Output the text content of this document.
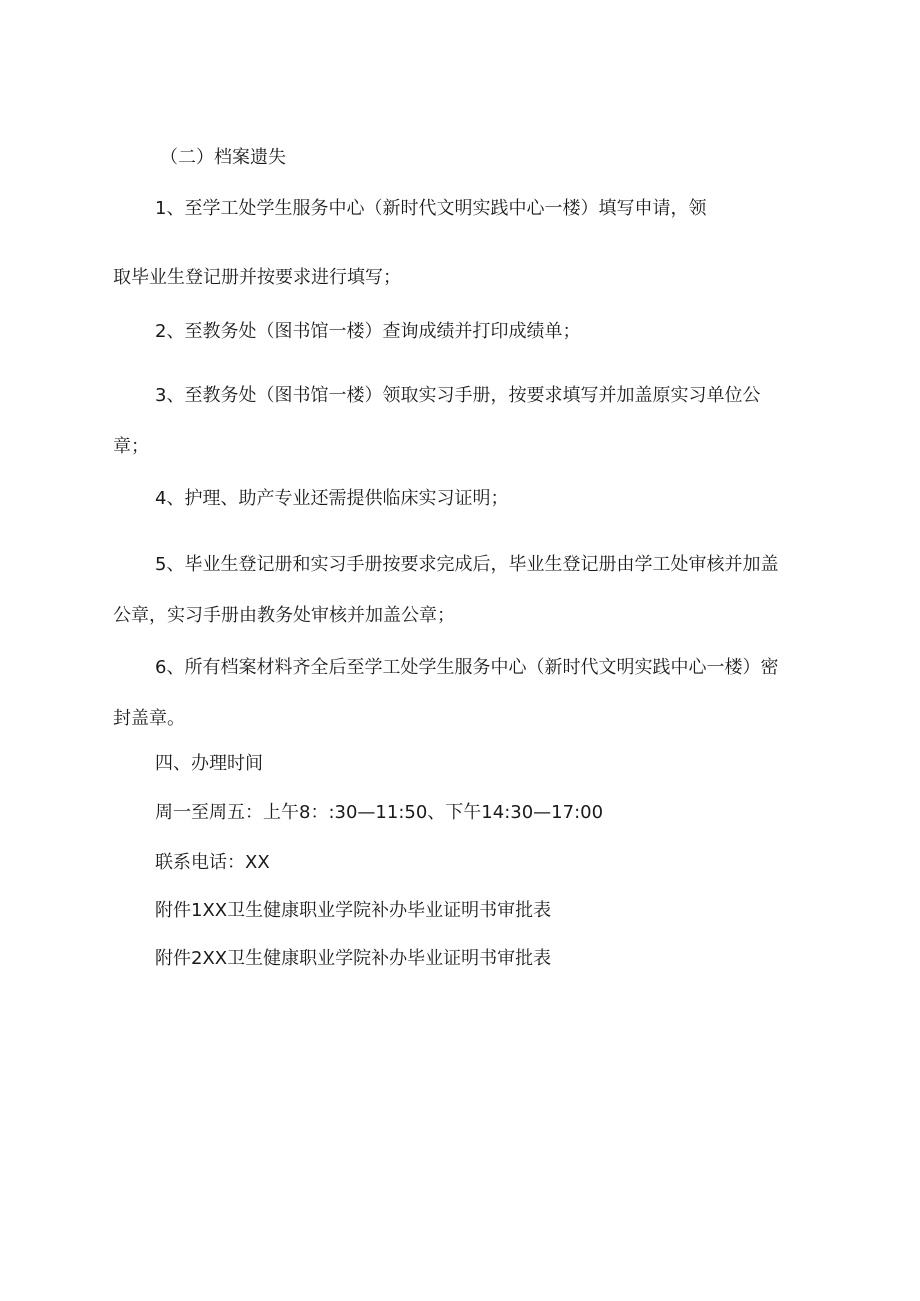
（二）档案遗失
1、至学工处学生服务中心（新时代文明实践中心一楼）填写申请，领
取毕业生登记册并按要求进行填写；
2、至教务处（图书馆一楼）查询成绩并打印成绩单；
3、至教务处（图书馆一楼）领取实习手册，按要求填写并加盖原实习单位公
章；
4、护理、助产专业还需提供临床实习证明；
5、毕业生登记册和实习手册按要求完成后，毕业生登记册由学工处审核并加盖
公章，实习手册由教务处审核并加盖公章；
6、所有档案材料齐全后至学工处学生服务中心（新时代文明实践中心一楼）密
封盖章。
四、办理时间
周一至周五：上午8：:30—11:50、下午14:30—17:00
联系电话：XX
附件1XX卫生健康职业学院补办毕业证明书审批表
附件2XX卫生健康职业学院补办毕业证明书审批表
